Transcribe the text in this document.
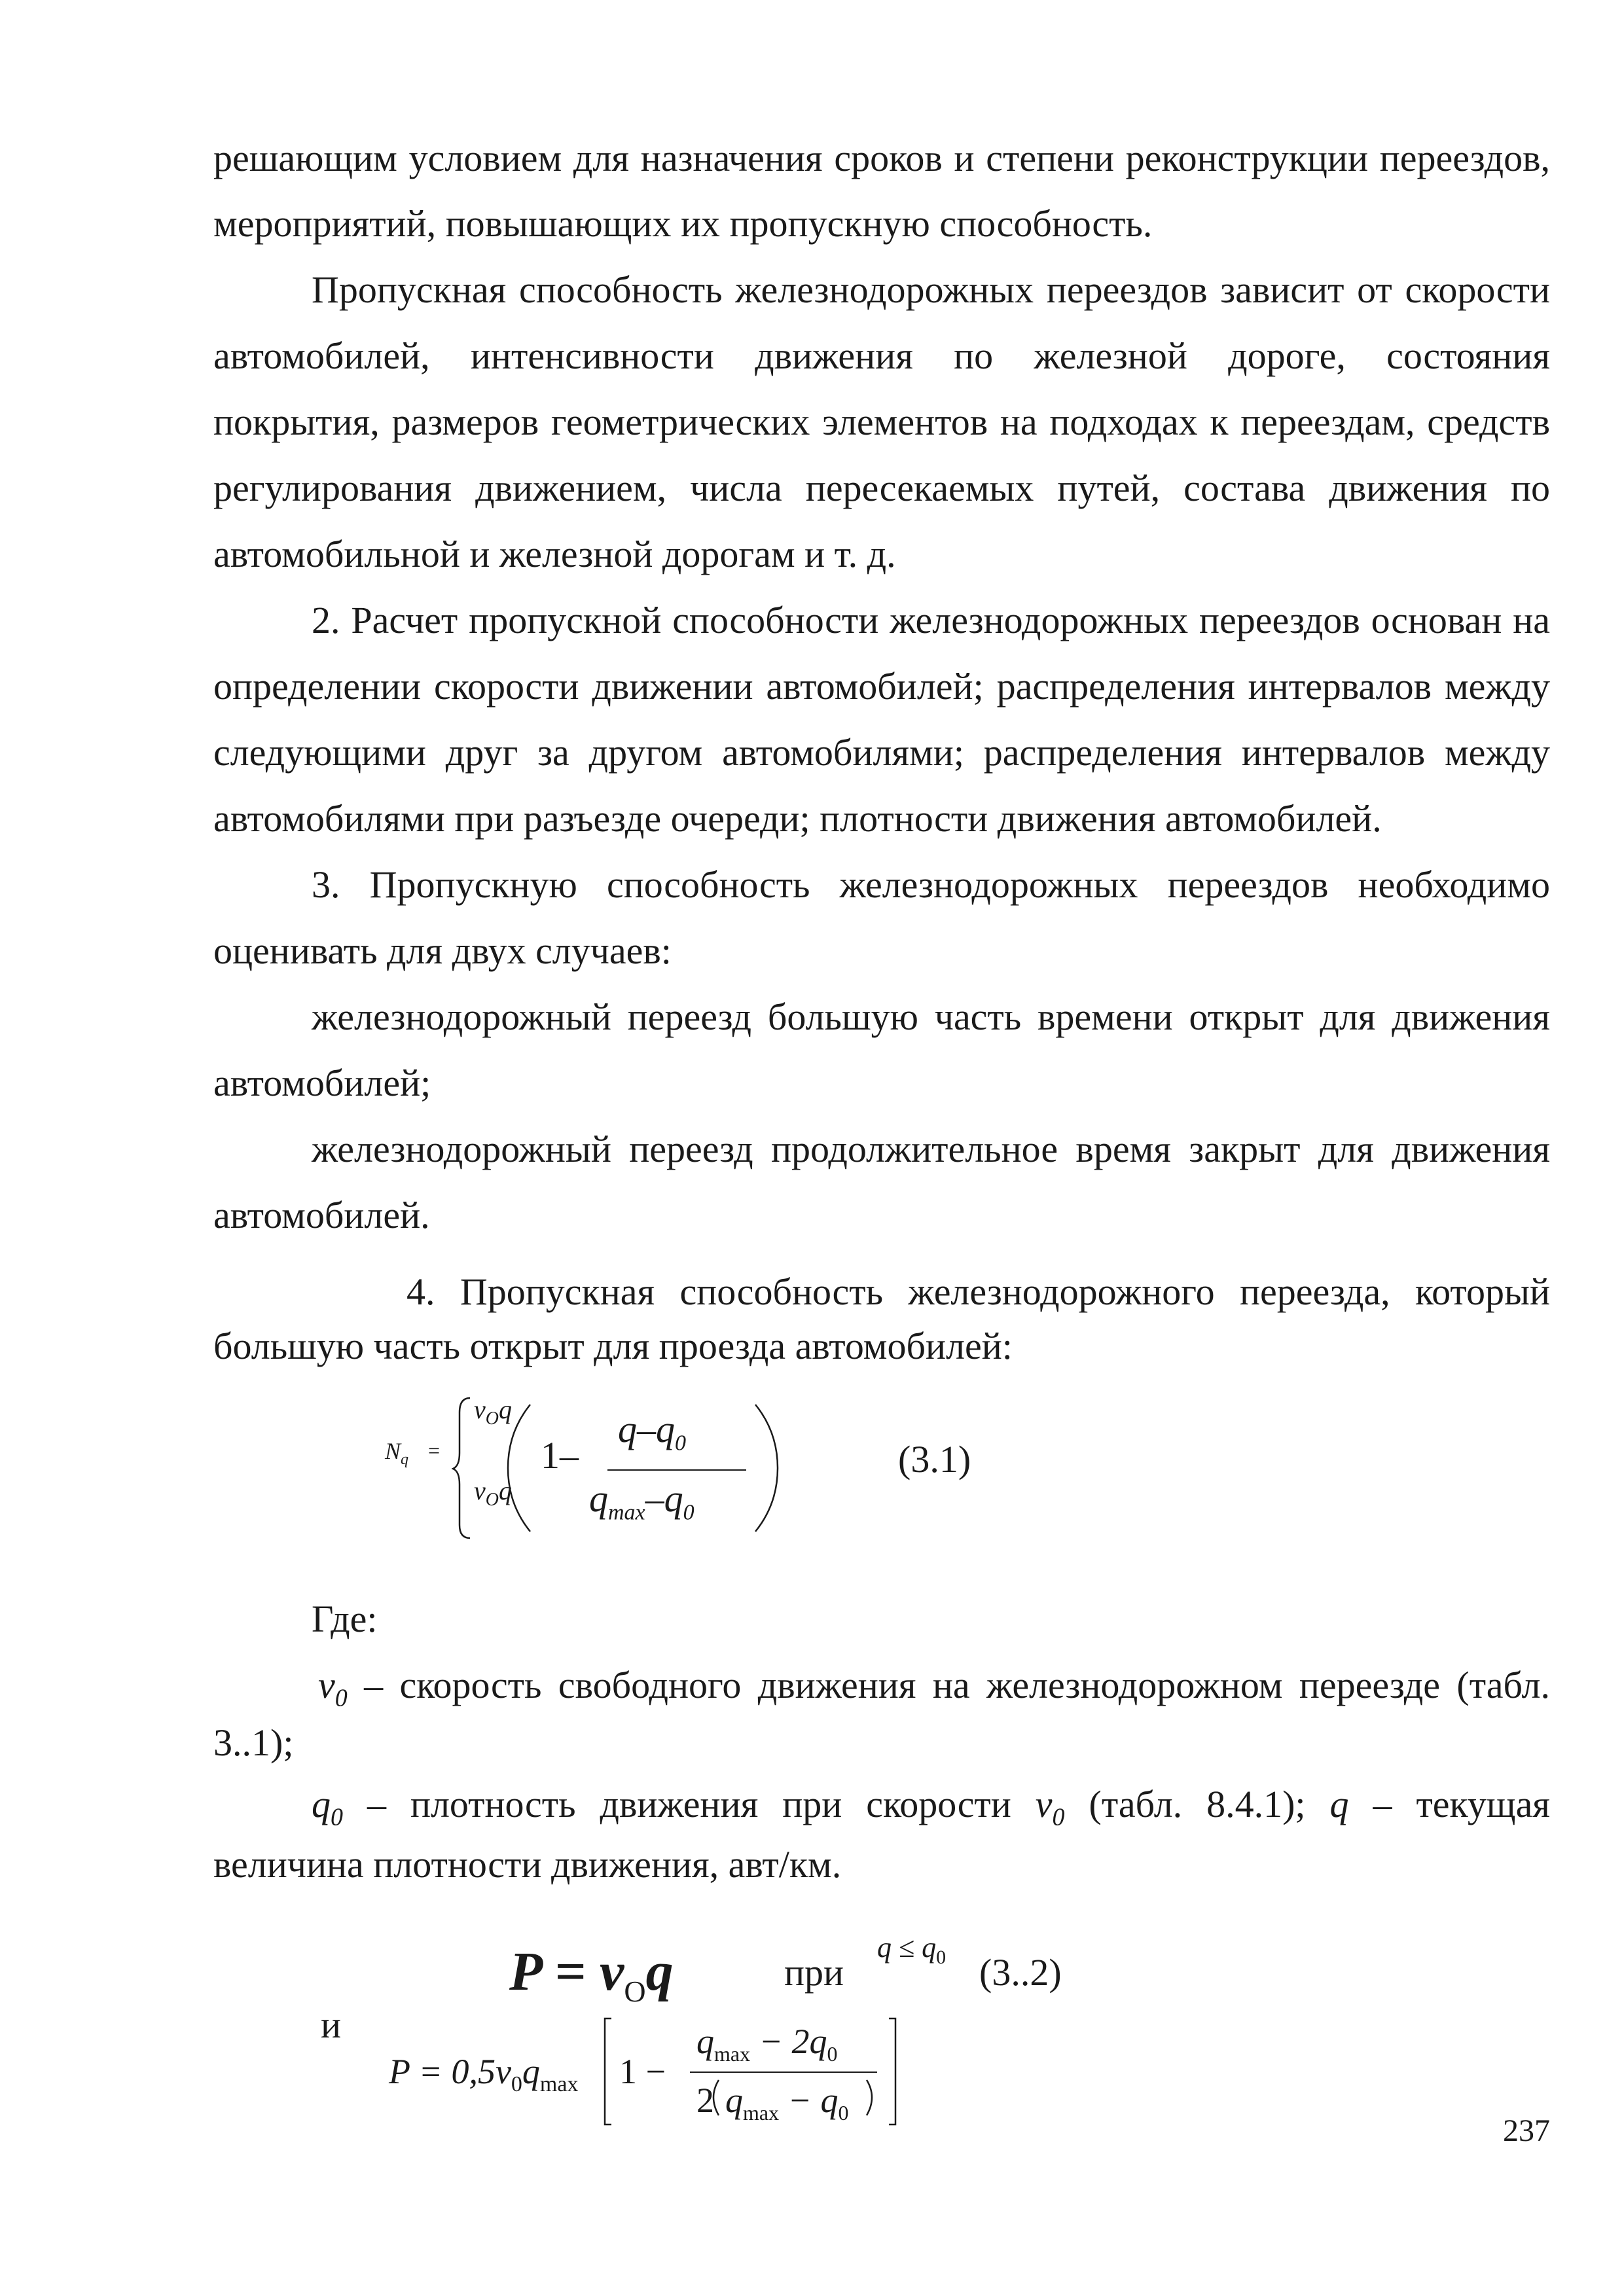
решающим условием для назначения сроков и степени реконструкции переездов,
мероприятий, повышающих их пропускную способность.
Пропускная способность железнодорожных переездов зависит от скорости
автомобилей, интенсивности движения по железной дороге, состояния
покрытия, размеров геометрических элементов на подходах к переездам, средств
регулирования движением, числа пересекаемых путей, состава движения по
автомобильной и железной дорогам и т. д.
2. Расчет пропускной способности железнодорожных переездов основан на
определении скорости движении автомобилей; распределения интервалов между
следующими друг за другом автомобилями; распределения интервалов между
автомобилями при разъезде очереди; плотности движения автомобилей.
3. Пропускную способность железнодорожных переездов необходимо
оценивать для двух случаев:
железнодорожный переезд большую часть времени открыт для движения
автомобилей;
железнодорожный переезд продолжительное время закрыт для движения
автомобилей.
4. Пропускная способность железнодорожного переезда, который
большую часть открыт для проезда автомобилей:
$N_q$ =
$v_Oq$
$v_Oq$
1–
$q-q_0$
$q_{max}-q_0$
(3.1)
Где:
$v_0$ – скорость свободного движения на железнодорожном переезде (табл.
3..1);
$q_0$ – плотность движения при скорости $v_0$ (табл. 8.4.1); q – текущая
величина плотности движения, авт/км.
$P = v_Oq$	при
$q \le q_0$ (3..2)
и
$P = 0,5v_0q_{max}$ 1 −
$q_{max} - 2q_0$
2 $q_{max} - q_0$
237
